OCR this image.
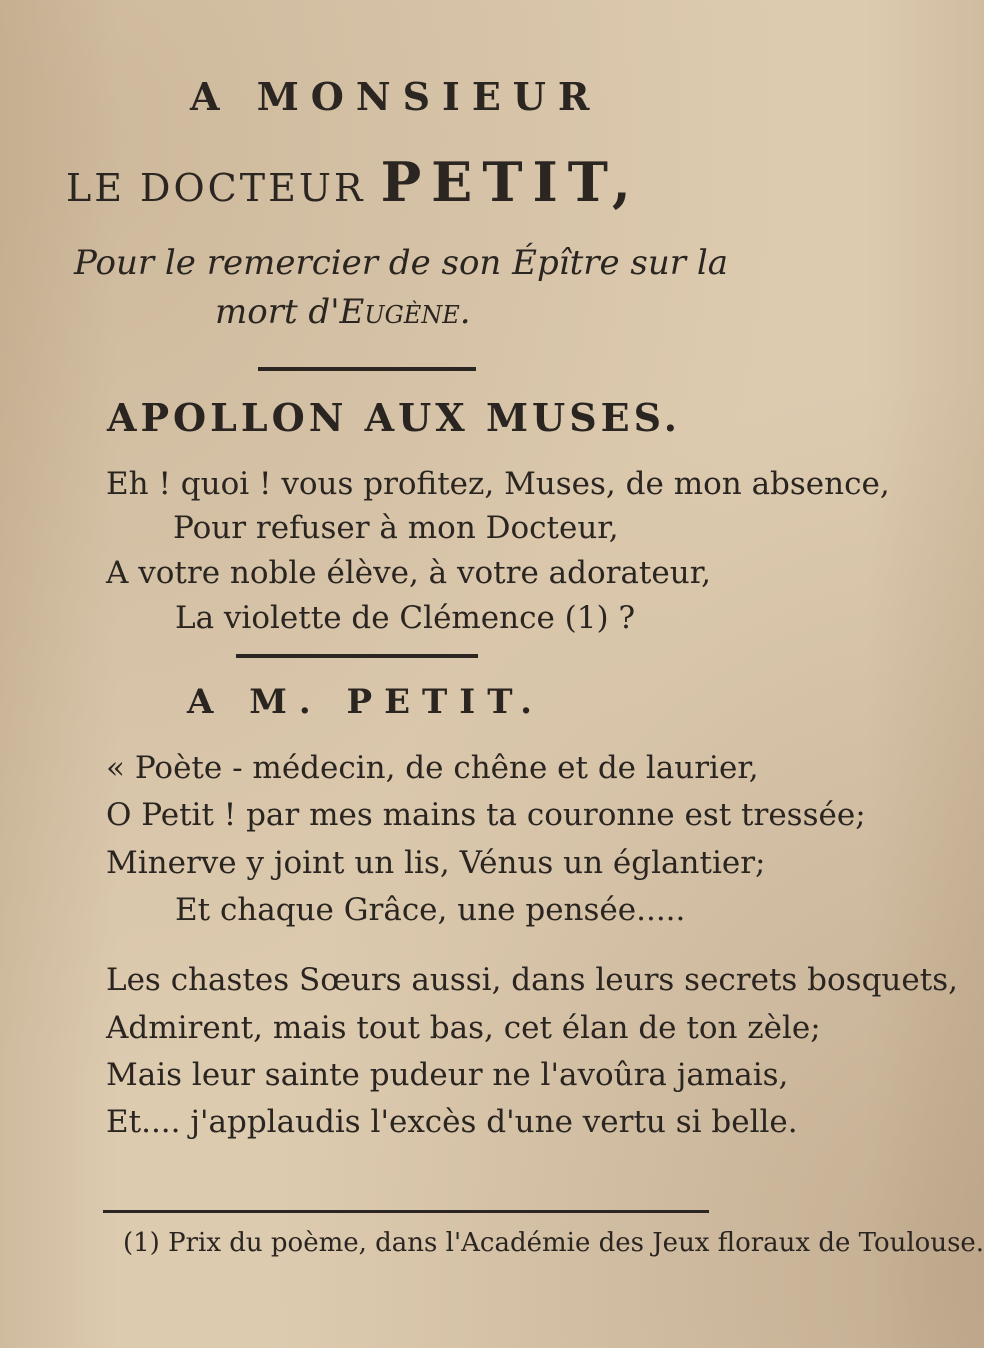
A MONSIEUR
LE DOCTEUR PETIT,
Pour le remercier de son Épître sur la
mort d'Eugène.
APOLLON AUX MUSES.
Eh ! quoi ! vous profitez, Muses, de mon absence,
Pour refuser à mon Docteur,
A votre noble élève, à votre adorateur,
La violette de Clémence (1) ?
A M. PETIT.
« Poète - médecin, de chêne et de laurier,
O Petit ! par mes mains ta couronne est tressée;
Minerve y joint un lis, Vénus un églantier;
Et chaque Grâce, une pensée.....
Les chastes Sœurs aussi, dans leurs secrets bosquets,
Admirent, mais tout bas, cet élan de ton zèle;
Mais leur sainte pudeur ne l'avoûra jamais,
Et.... j'applaudis l'excès d'une vertu si belle.
(1) Prix du poème, dans l'Académie des Jeux floraux de Toulouse.
